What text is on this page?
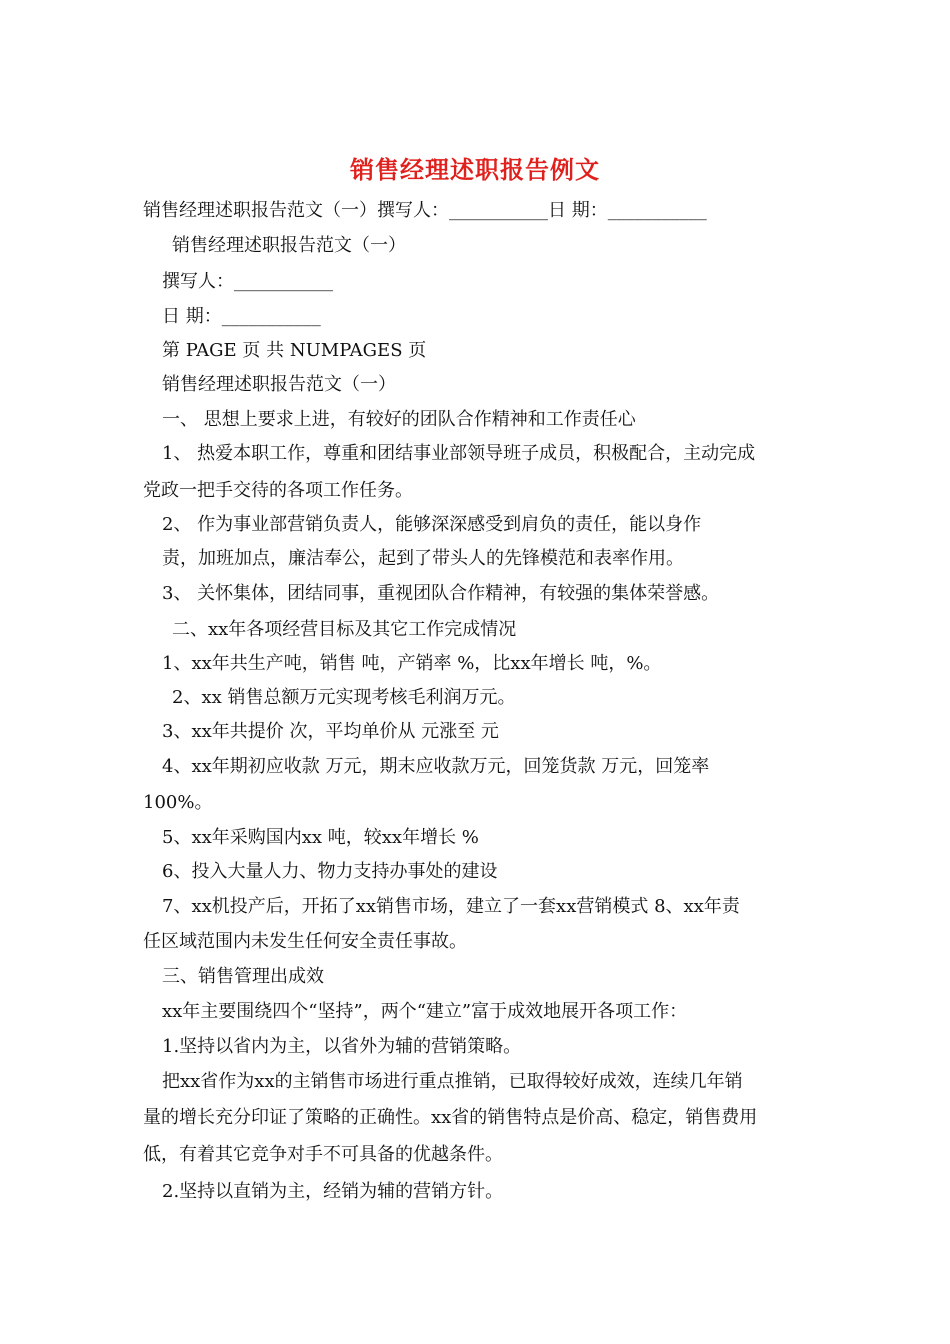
销售经理述职报告例文
销售经理述职报告范文（一）撰写人：___________日 期：___________
销售经理述职报告范文（一）
撰写人：___________
日 期：___________
第 PAGE 页 共 NUMPAGES 页
销售经理述职报告范文（一）
一、 思想上要求上进，有较好的团队合作精神和工作责任心
1、 热爱本职工作，尊重和团结事业部领导班子成员，积极配合，主动完成
党政一把手交待的各项工作任务。
2、 作为事业部营销负责人，能够深深感受到肩负的责任，能以身作
责，加班加点，廉洁奉公，起到了带头人的先锋模范和表率作用。
3、 关怀集体，团结同事，重视团队合作精神，有较强的集体荣誉感。
二、xx年各项经营目标及其它工作完成情况
1、xx年共生产吨，销售 吨，产销率 %，比xx年增长 吨，%。
2、xx 销售总额万元实现考核毛利润万元。
3、xx年共提价 次，平均单价从 元涨至 元
4、xx年期初应收款 万元，期末应收款万元，回笼货款 万元，回笼率
100%。
5、xx年采购国内xx 吨，较xx年增长 %
6、投入大量人力、物力支持办事处的建设
7、xx机投产后，开拓了xx销售市场，建立了一套xx营销模式 8、xx年责
任区域范围内未发生任何安全责任事故。
三、销售管理出成效
xx年主要围绕四个“坚持”，两个“建立”富于成效地展开各项工作：
1.坚持以省内为主，以省外为辅的营销策略。
把xx省作为xx的主销售市场进行重点推销，已取得较好成效，连续几年销
量的增长充分印证了策略的正确性。xx省的销售特点是价高、稳定，销售费用
低，有着其它竞争对手不可具备的优越条件。
2.坚持以直销为主，经销为辅的营销方针。
